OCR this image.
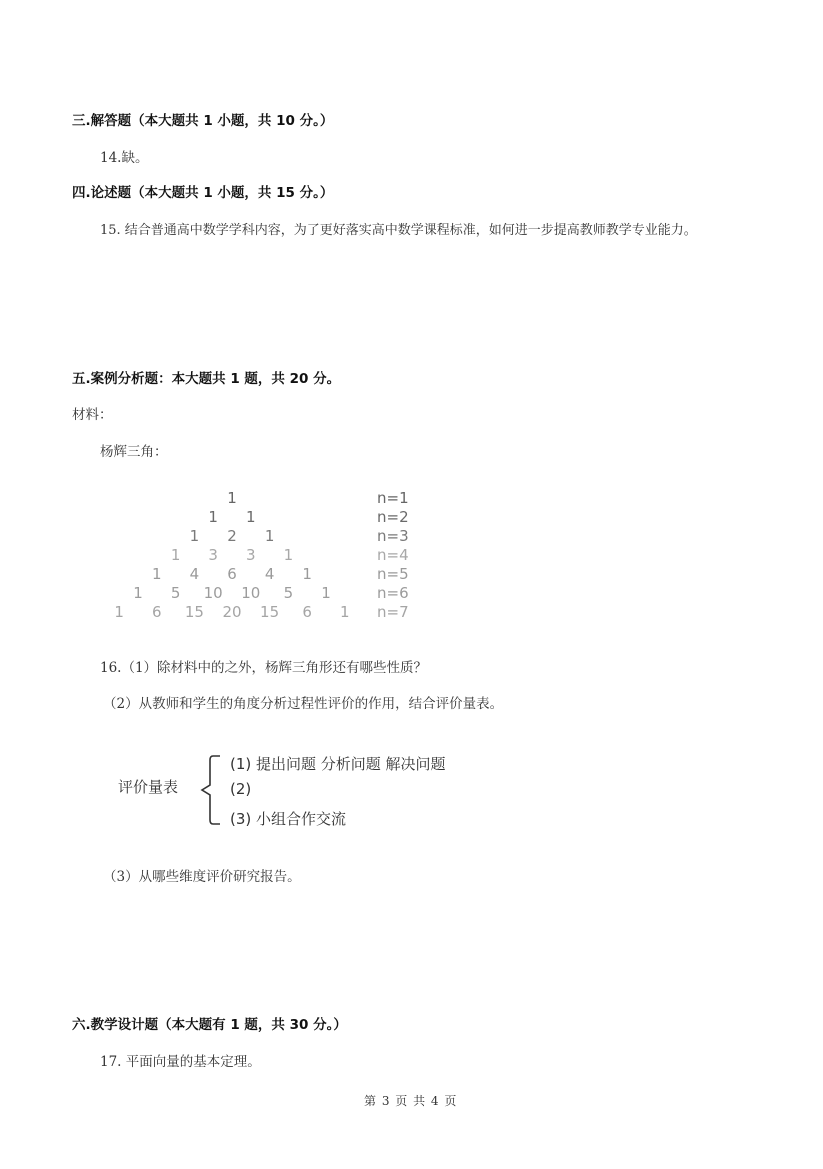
三.解答题（本大题共 1 小题，共 10 分。）
14.缺。
四.论述题（本大题共 1 小题，共 15 分。）
15. 结合普通高中数学学科内容，为了更好落实高中数学课程标准，如何进一步提高教师教学专业能力。
五.案例分析题：本大题共 1 题，共 20 分。
材料：
杨辉三角：
1	n=1
1	1	n=2
1	2	1	n=3
1	3	3	1	n=4
1	4	6	4	1	n=5
1	5	10 10	5	1	n=6
1	6	15 20 15	6	1	n=7
16.（1）除材料中的之外，杨辉三角形还有哪些性质？
（2）从教师和学生的角度分析过程性评价的作用，结合评价量表。
评价量表
(1) 提出问题 分析问题 解决问题
(2)
(3) 小组合作交流
（3）从哪些维度评价研究报告。
六.教学设计题（本大题有 1 题，共 30 分。）
17. 平面向量的基本定理。
第 3 页 共 4 页
